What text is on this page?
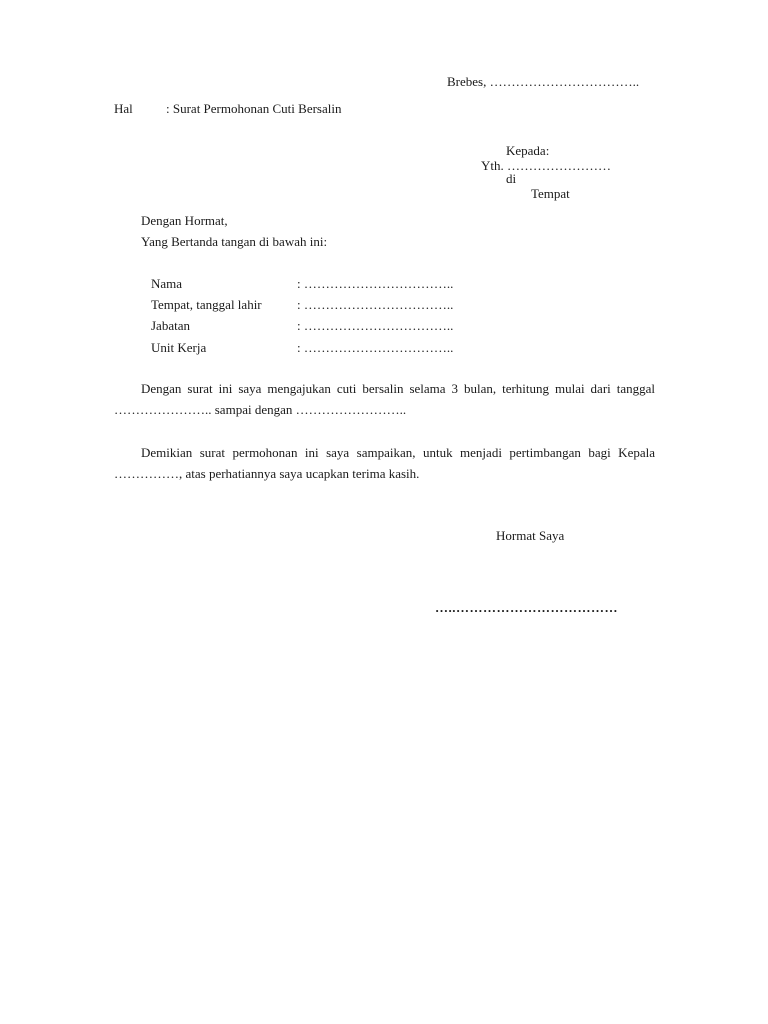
Brebes, ……………………………..
Hal	: Surat Permohonan Cuti Bersalin
Kepada:
Yth. ……………………
di
Tempat
Dengan Hormat,
Yang Bertanda tangan di bawah ini:
Nama	: ……………………………..
Tempat, tanggal lahir	: ……………………………..
Jabatan	: ……………………………..
Unit Kerja	: ……………………………..
Dengan surat ini saya mengajukan cuti bersalin selama 3 bulan, terhitung mulai dari tanggal ………………….. sampai dengan ……………………..
Demikian surat permohonan ini saya sampaikan, untuk menjadi pertimbangan bagi Kepala ……………, atas perhatiannya saya ucapkan terima kasih.
Hormat Saya
…..………………………………
